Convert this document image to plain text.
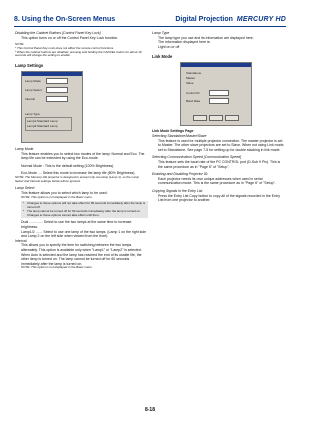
8. Using the On-Screen Menus	Digital Projection MERCURY HD

Disabling the Cabinet Buttons [Control Panel Key Lock]

This option turns on or off the Control Panel Key Lock function.

NOTE:

* This Control Panel Key Lock does not affect the remote control functions.

* When the cabinet buttons are disabled, pressing and holding the CANCEL button for about 10 seconds will change the setting to enable.

Lamp Settings
Lamp Mode
Lamp Select
Interval
Lamp Type
Lamp1:Standard Lamp
Lamp2:Standard Lamp

Lamp Mode

This feature enables you to select two modes of the lamp: Normal and Eco. The lamp life can be extended by using the Eco-mode.

Normal Mode : This is the default setting (100% Brightness).

Eco-Mode .... Select this mode to increase the lamp life (80% Brightness).

NOTE: The Memory HD projector is designed to accept only one lamp (Lamp 1), so the Lamp Select and Interval settings below will be ignored.

Lamp Select

This feature allows you to select which lamp to be used.

NOTE: This option is not displayed in the Basic menu.

* Changes to these options will not take effect for 90 seconds immediately after the lamp is turned off.
* The lamp cannot be turned off for 60 seconds immediately after the lamp is turned on. Changes to these options cannot take effect until then.

Dual .............. Select to use the two lamps at the same time to increase brightness.

Lamp1/2 ....... Select to use one lamp of the two lamps. (Lamp 1 on the right side and Lamp 2 on the left side when viewed from the front)

Interval

This allows you to specify the time for switching between the two lamps alternately. This option is available only when "Lamp1" or "Lamp2" is selected. When Auto is selected and the lamp has reached the end of its usable life, the other lamp is turned on. The lamp cannot be turned off for 60 seconds immediately after the lamp is turned on.

NOTE: This option is not displayed in the Basic menu.

Lamp Type

The lamp type you use and its information are displayed here.

The information displayed here is:

Light on or off

Link Mode
Standalone
Master
Slave
Control ID
Baud Rate

Link Mode Settings Page

Selecting Standalone/Master/Slave

This feature is used for multiple projector connection. The master projector is set to Master. The other slave projectors are set to Slave. When not using Link mode, set to Standalone. See page 7-5 for setting up for double stacking in link mode.

Selecting Communication Speed [Communication Speed]

This feature sets the baud rate of the PC CONTROL port (D-Sub 9 Pin). This is the same procedure as in "Page 6" of "Setup".

Enabling and Disabling Projector ID:

Each projector needs its own unique addresses when used in serial communication mode. This is the same procedure as in "Page 6" of "Setup".

Copying Signals in the Entry List

Press the Entry List Copy button to copy all of the signals recorded in the Entry List from one projector to another.

8-18
